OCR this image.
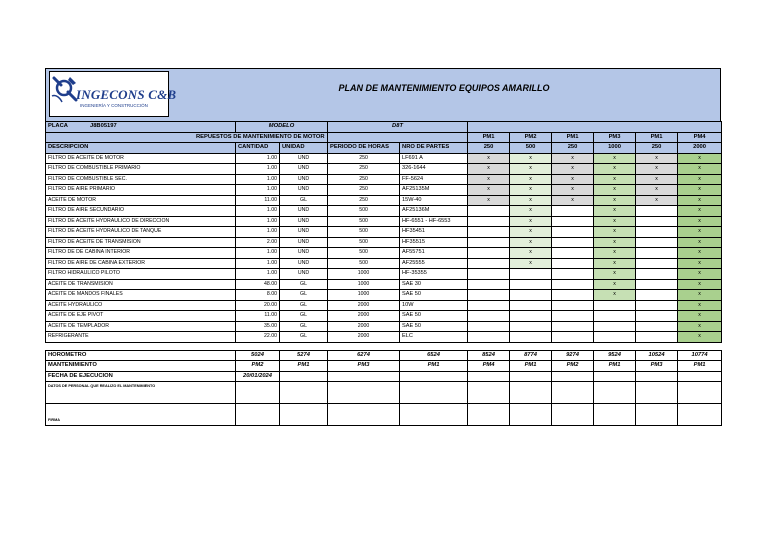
INGECONS C&B
INGENIERÍA Y CONSTRUCCIÓN
PLAN DE MANTENIMIENTO EQUIPOS AMARILLO
PLACA J8B05197	MODELO		D8T							
REPUESTOS DE MANTENIMIENTO DE MOTOR					PM1	PM2	PM1	PM3	PM1	PM4
DESCRIPCION	CANTIDAD	UNIDAD	PERIODO DE HORAS	NRO DE PARTES	250	500	250	1000	250	2000
FILTRO DE ACEITE DE MOTOR	1.00	UND	250	LF691 A	x	x	x	x	x	x
FILTRO DE COMBUSTIBLE PRIMARIO	1.00	UND	250	326-1644	x	x	x	x	x	x
FILTRO DE COMBUSTIBLE SEC.	1.00	UND	250	FF-5624	x	x	x	x	x	x
FILTRO DE AIRE PRIMARIO	1.00	UND	250	AF25135M	x	x	x	x	x	x
ACEITE DE MOTOR	11.00	GL	250	15W-40	x	x	x	x	x	x
FILTRO DE AIRE SECUNDARIO	1.00	UND	500	AF25136M		x		x		x
FILTRO DE ACEITE HYDRAULICO DE DIRECCION	1.00	UND	500	HF-6551 - HF-6553		x		x		x
FILTRO DE ACEITE HYDRAULICO DE TANQUE	1.00	UND	500	HF35451		x		x		x
FILTRO DE ACEITE DE TRANSMISION	2.00	UND	500	HF35515		x		x		x
FILTRO DE DE CABINA INTERIOR	1.00	UND	500	AF55751		x		x		x
FILTRO DE AIRE DE CABINA EXTERIOR	1.00	UND	500	AF25555		x		x		x
FILTRO HIDRAULICO PILOTO	1.00	UND	1000	HF-35355				x		x
ACEITE DE TRANSMISION	48.00	GL	1000	SAE 30				x		x
ACEITE DE MANDOS FINALES	8.00	GL	1000	SAE 50				x		x
ACEITE HYDRAULICO	20.00	GL	2000	10W						x
ACEITE DE EJE PIVOT	11.00	GL	2000	SAE 50						x
ACEITE DE TEMPLADOR	35.00	GL	2000	SAE 50						x
REFRIGERANTE	22.00	GL	2000	ELC						x

HOROMETRO	5024	5274	6274	6524	8524	8774	9274	9524	10524	10774
MANTENIMIENTO	PM2	PM1	PM3	PM1	PM4	PM1	PM2	PM1	PM3	PM1
FECHA DE EJECUCION	20/01/2024									
DATOS DE PERSONAL QUE REALIZO EL MANTENIMIENTO										
FIRMA										
